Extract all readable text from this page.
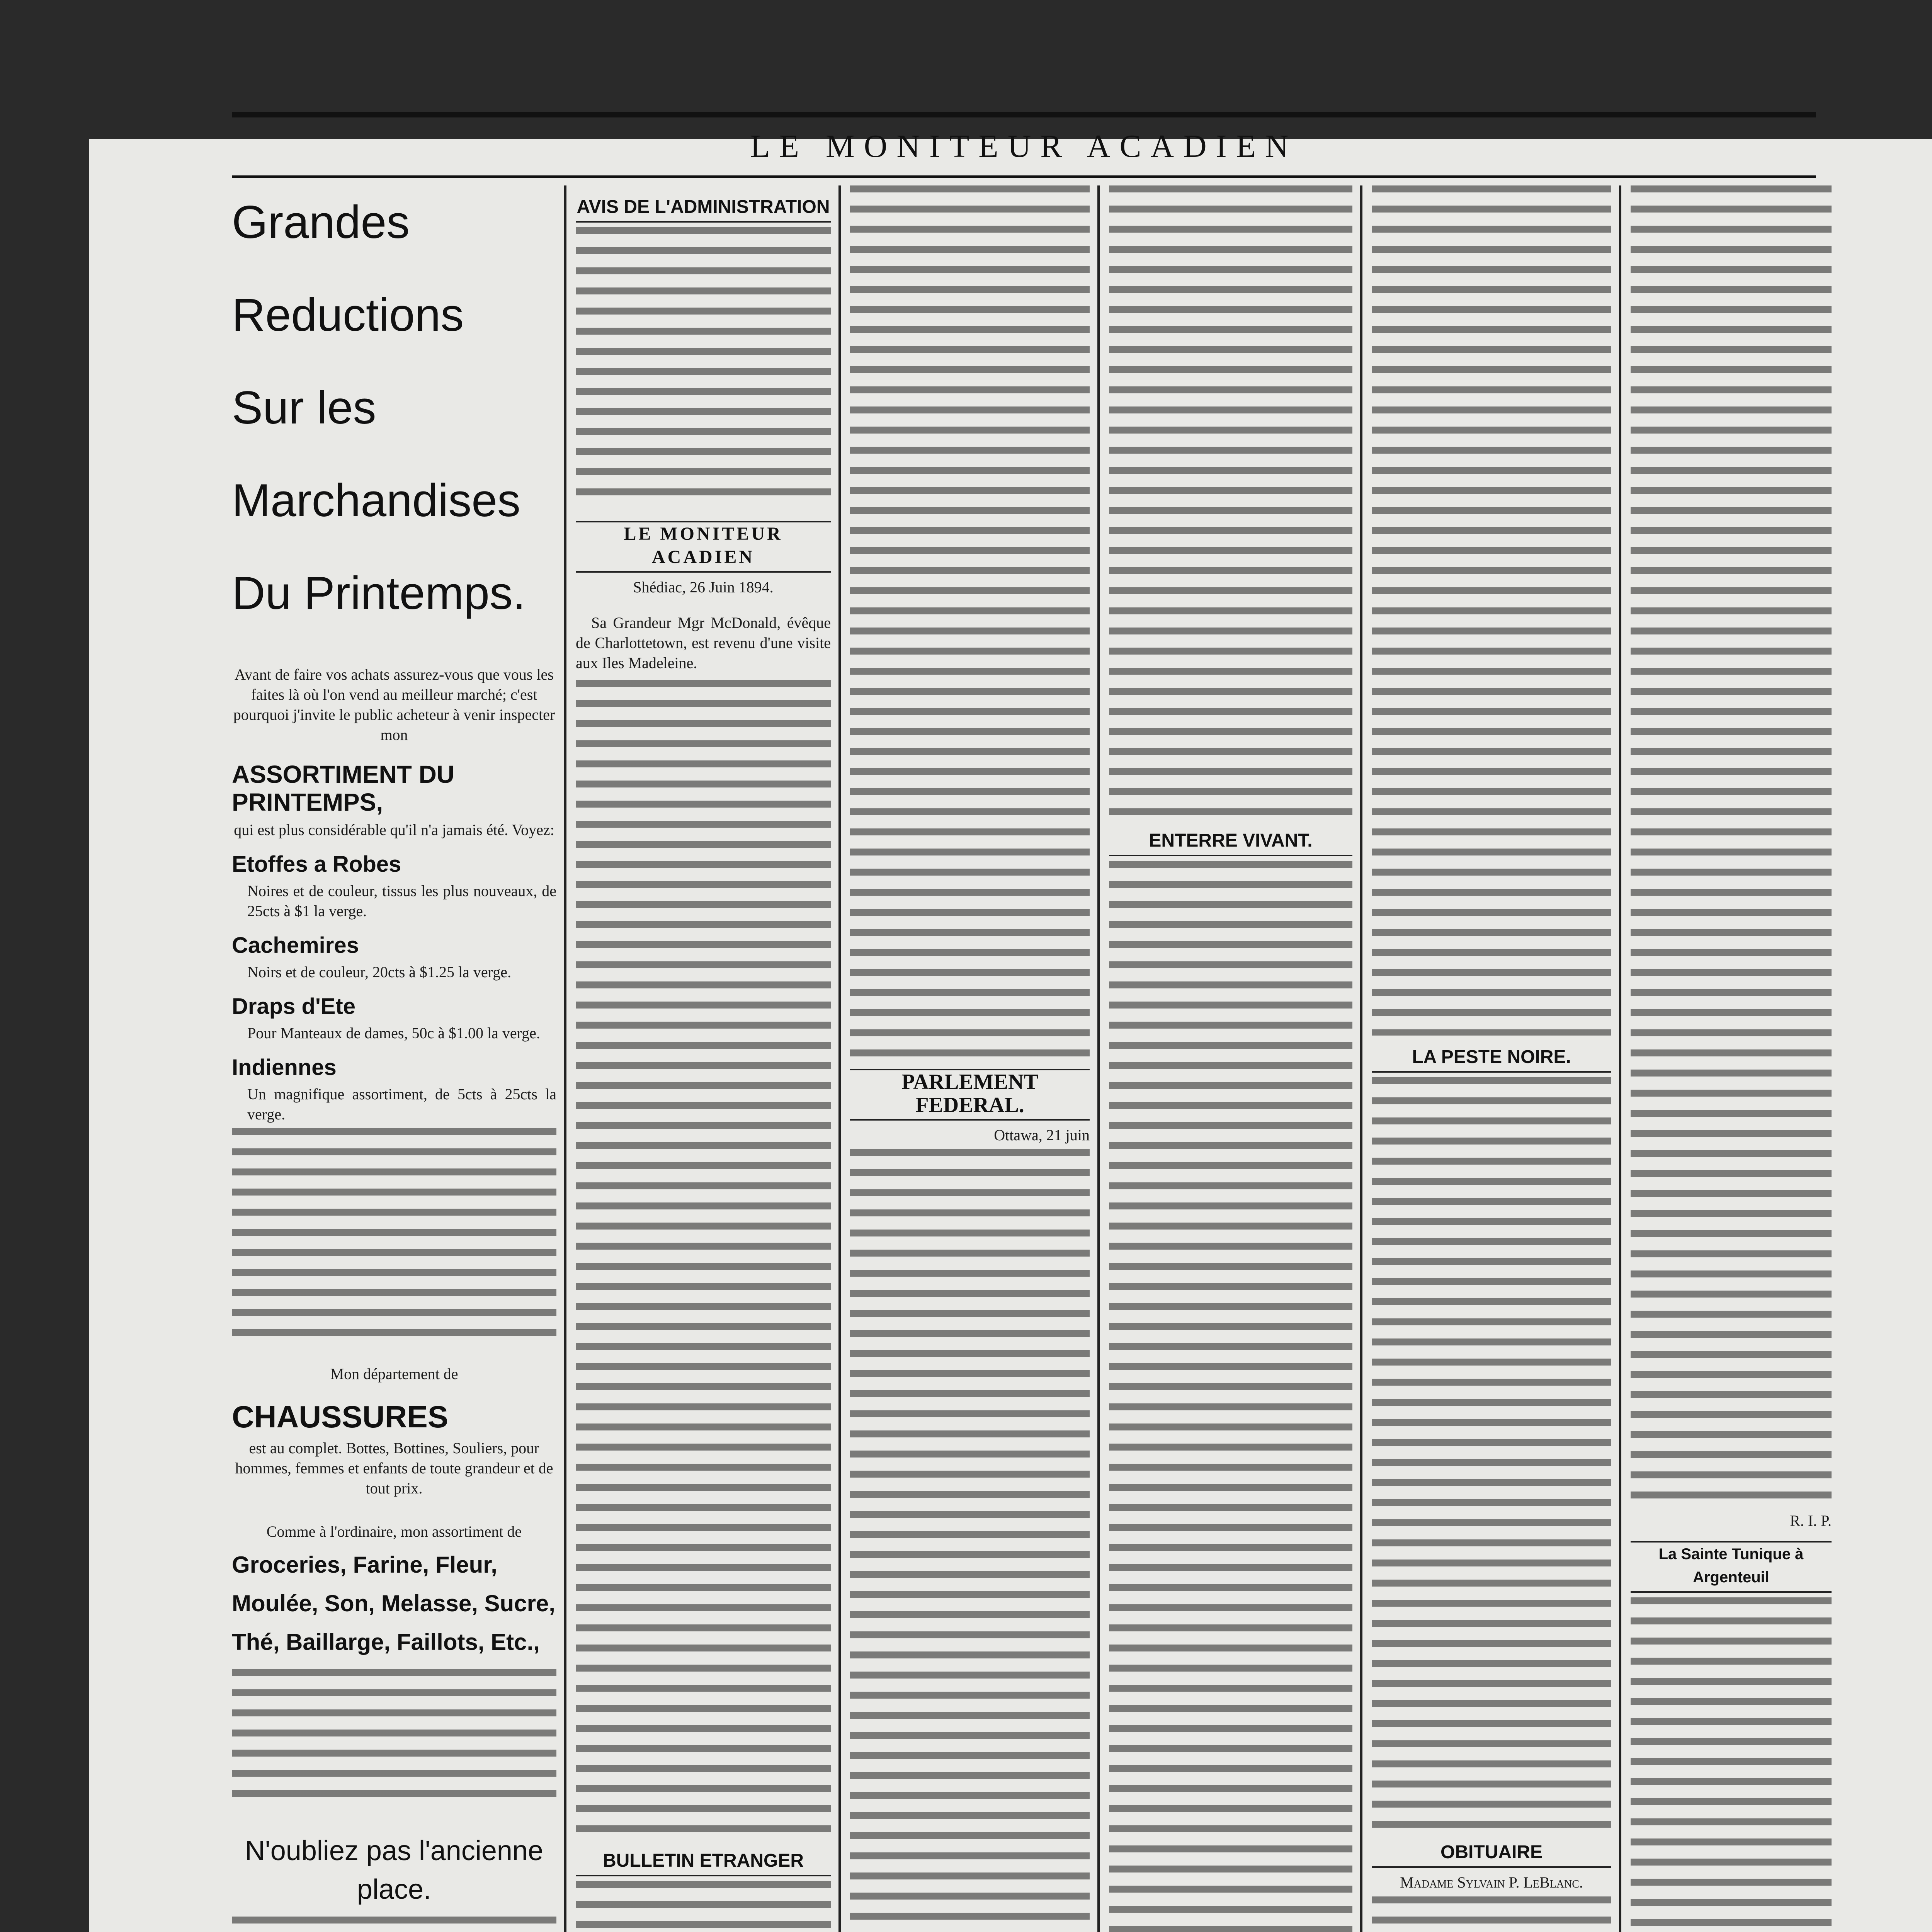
LE MONITEUR ACADIEN
Grandes
Reductions
Sur les
Marchandises
Du Printemps.

Avant de faire vos achats assurez-vous que vous les faites là où l'on vend au meilleur marché; c'est pourquoi j'invite le public acheteur à venir inspecter mon

ASSORTIMENT DU PRINTEMPS,

qui est plus considérable qu'il n'a jamais été. Voyez:

Etoffes a Robes

Noires et de couleur, tissus les plus nouveaux, de 25cts à $1 la verge.

Cachemires

Noirs et de couleur, 20cts à $1.25 la verge.

Draps d'Ete

Pour Manteaux de dames, 50c à $1.00 la verge.

Indiennes

Un magnifique assortiment, de 5cts à 25cts la verge.

Mon département de

CHAUSSURES

est au complet. Bottes, Bottines, Souliers, pour hommes, femmes et enfants de toute grandeur et de tout prix.

Comme à l'ordinaire, mon assortiment de

Groceries, Farine, Fleur, Moulée, Son, Melasse, Sucre, Thé, Baillarge, Faillots, Etc.,
N'oubliez pas l'ancienne place.
AVIS DE L'ADMINISTRATION
LE MONITEUR ACADIEN
Shédiac, 26 Juin 1894.

Sa Grandeur Mgr McDonald, évêque de Charlottetown, est revenu d'une visite aux Iles Madeleine.

BULLETIN ETRANGER
PARLEMENT FEDERAL.
Ottawa, 21 juin
ENTERRE VIVANT.
LA PESTE NOIRE.
OBITUAIRE
Madame Sylvain P. LeBlanc.
R. I. P.
La Sainte Tunique à Argenteuil
